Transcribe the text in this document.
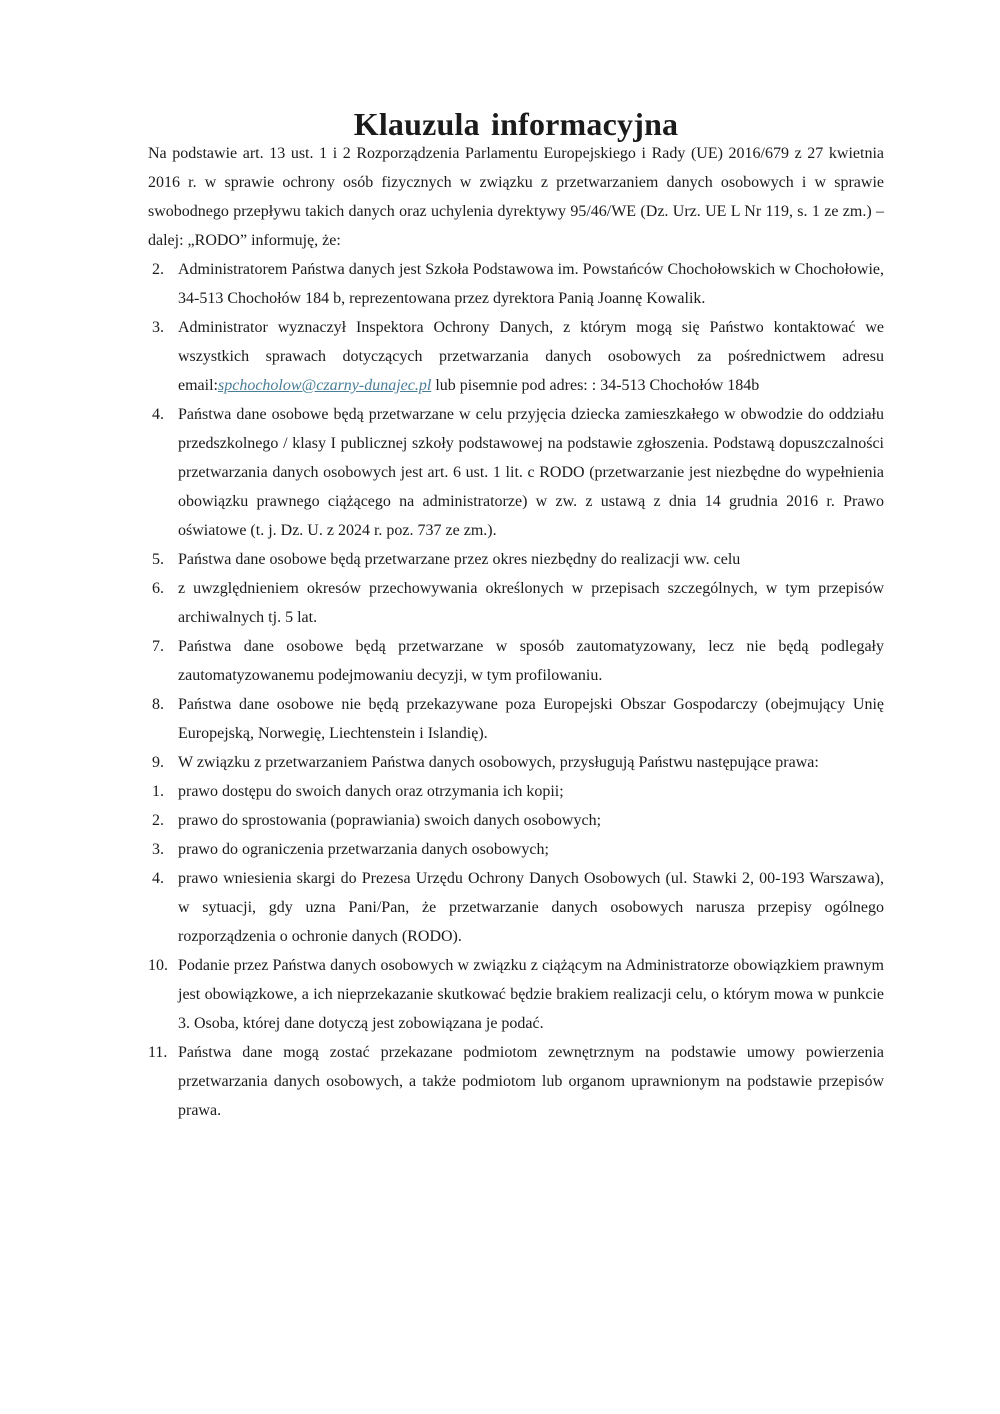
Klauzula informacyjna

Na podstawie art. 13 ust. 1 i 2 Rozporządzenia Parlamentu Europejskiego i Rady (UE) 2016/679 z 27 kwietnia 2016 r. w sprawie ochrony osób fizycznych w związku z przetwarzaniem danych osobowych i w sprawie swobodnego przepływu takich danych oraz uchylenia dyrektywy 95/46/WE (Dz. Urz. UE L Nr 119, s. 1 ze zm.) – dalej: „RODO” informuję, że:

2. Administratorem Państwa danych jest Szkoła Podstawowa im. Powstańców Chochołowskich w Chochołowie, 34-513 Chochołów 184 b, reprezentowana przez dyrektora Panią Joannę Kowalik.
3. Administrator wyznaczył Inspektora Ochrony Danych, z którym mogą się Państwo kontaktować we wszystkich sprawach dotyczących przetwarzania danych osobowych za pośrednictwem adresu email:spchocholow@czarny-dunajec.pl lub pisemnie pod adres: : 34-513 Chochołów 184b
4. Państwa dane osobowe będą przetwarzane w celu przyjęcia dziecka zamieszkałego w obwodzie do oddziału przedszkolnego / klasy I publicznej szkoły podstawowej na podstawie zgłoszenia. Podstawą dopuszczalności przetwarzania danych osobowych jest art. 6 ust. 1 lit. c RODO (przetwarzanie jest niezbędne do wypełnienia obowiązku prawnego ciążącego na administratorze) w zw. z ustawą z dnia 14 grudnia 2016 r. Prawo oświatowe (t. j. Dz. U. z 2024 r. poz. 737 ze zm.).
5. Państwa dane osobowe będą przetwarzane przez okres niezbędny do realizacji ww. celu
6. z uwzględnieniem okresów przechowywania określonych w przepisach szczególnych, w tym przepisów archiwalnych tj. 5 lat.
7. Państwa dane osobowe będą przetwarzane w sposób zautomatyzowany, lecz nie będą podlegały zautomatyzowanemu podejmowaniu decyzji, w tym profilowaniu.
8. Państwa dane osobowe nie będą przekazywane poza Europejski Obszar Gospodarczy (obejmujący Unię Europejską, Norwegię, Liechtenstein i Islandię).
9. W związku z przetwarzaniem Państwa danych osobowych, przysługują Państwu następujące prawa:
1. prawo dostępu do swoich danych oraz otrzymania ich kopii;
2. prawo do sprostowania (poprawiania) swoich danych osobowych;
3. prawo do ograniczenia przetwarzania danych osobowych;
4. prawo wniesienia skargi do Prezesa Urzędu Ochrony Danych Osobowych (ul. Stawki 2, 00-193 Warszawa), w sytuacji, gdy uzna Pani/Pan, że przetwarzanie danych osobowych narusza przepisy ogólnego rozporządzenia o ochronie danych (RODO).
10. Podanie przez Państwa danych osobowych w związku z ciążącym na Administratorze obowiązkiem prawnym jest obowiązkowe, a ich nieprzekazanie skutkować będzie brakiem realizacji celu, o którym mowa w punkcie 3. Osoba, której dane dotyczą jest zobowiązana je podać.
11. Państwa dane mogą zostać przekazane podmiotom zewnętrznym na podstawie umowy powierzenia przetwarzania danych osobowych, a także podmiotom lub organom uprawnionym na podstawie przepisów prawa.
